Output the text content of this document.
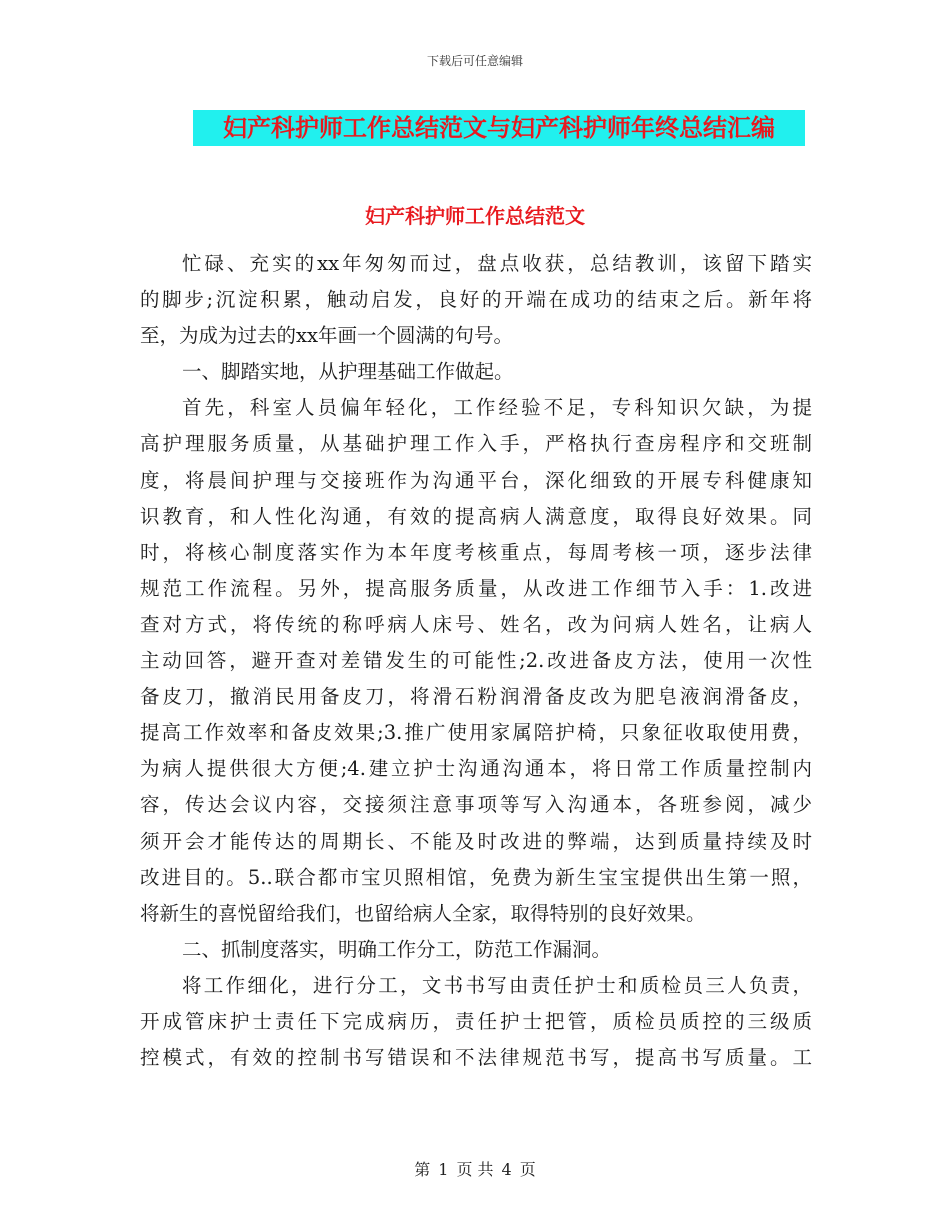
下载后可任意编辑
妇产科护师工作总结范文与妇产科护师年终总结汇编
妇产科护师工作总结范文
忙碌、充实的xx年匆匆而过，盘点收获，总结教训，该留下踏实
的脚步;沉淀积累，触动启发，良好的开端在成功的结束之后。新年将
至，为成为过去的xx年画一个圆满的句号。
一、脚踏实地，从护理基础工作做起。
首先，科室人员偏年轻化，工作经验不足，专科知识欠缺，为提
高护理服务质量，从基础护理工作入手，严格执行查房程序和交班制
度，将晨间护理与交接班作为沟通平台，深化细致的开展专科健康知
识教育，和人性化沟通，有效的提高病人满意度，取得良好效果。同
时，将核心制度落实作为本年度考核重点，每周考核一项，逐步法律
规范工作流程。另外，提高服务质量，从改进工作细节入手：1.改进
查对方式，将传统的称呼病人床号、姓名，改为问病人姓名，让病人
主动回答，避开查对差错发生的可能性;2.改进备皮方法，使用一次性
备皮刀，撤消民用备皮刀，将滑石粉润滑备皮改为肥皂液润滑备皮，
提高工作效率和备皮效果;3.推广使用家属陪护椅，只象征收取使用费，
为病人提供很大方便;4.建立护士沟通沟通本，将日常工作质量控制内
容，传达会议内容，交接须注意事项等写入沟通本，各班参阅，减少
须开会才能传达的周期长、不能及时改进的弊端，达到质量持续及时
改进目的。5..联合都市宝贝照相馆，免费为新生宝宝提供出生第一照，
将新生的喜悦留给我们，也留给病人全家，取得特别的良好效果。
二、抓制度落实，明确工作分工，防范工作漏洞。
将工作细化，进行分工，文书书写由责任护士和质检员三人负责，
开成管床护士责任下完成病历，责任护士把管，质检员质控的三级质
控模式，有效的控制书写错误和不法律规范书写，提高书写质量。工
第 1 页 共 4 页
